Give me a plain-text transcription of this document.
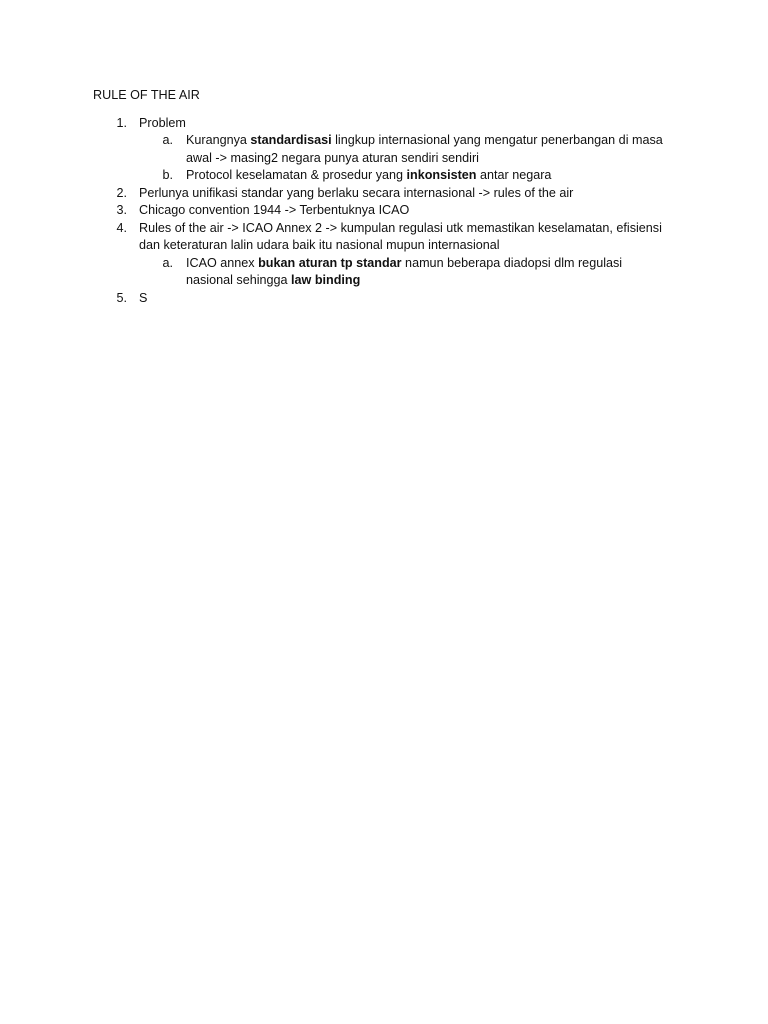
RULE OF THE AIR
1. Problem
a. Kurangnya standardisasi lingkup internasional yang mengatur penerbangan di masa
awal -> masing2 negara punya aturan sendiri sendiri
b. Protocol keselamatan & prosedur yang inkonsisten antar negara
2. Perlunya unifikasi standar yang berlaku secara internasional -> rules of the air
3. Chicago convention 1944 -> Terbentuknya ICAO
4. Rules of the air -> ICAO Annex 2 -> kumpulan regulasi utk memastikan keselamatan, efisiensi
dan keteraturan lalin udara baik itu nasional mupun internasional
a. ICAO annex bukan aturan tp standar namun beberapa diadopsi dlm regulasi
nasional sehingga law binding
5. S
